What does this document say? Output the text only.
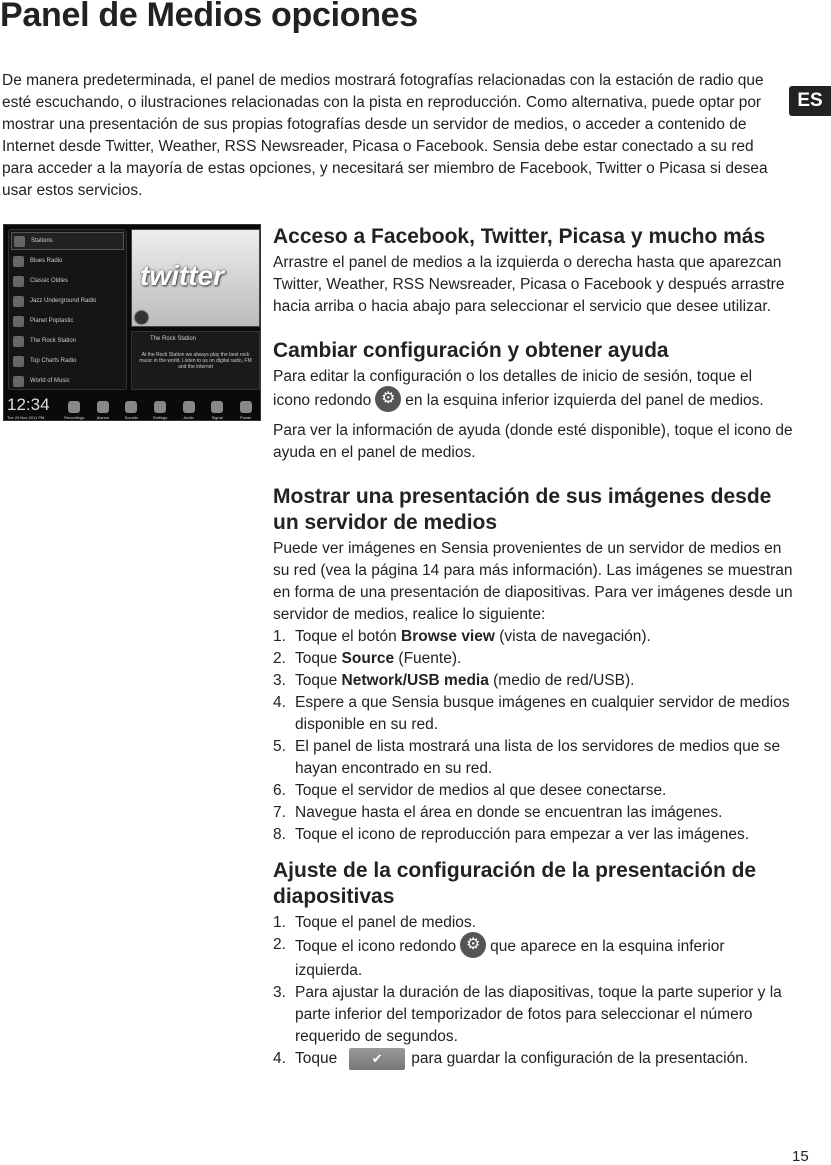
Panel de Medios opciones
De manera predeterminada, el panel de medios mostrará fotografías relacionadas con la estación de radio que esté escuchando, o ilustraciones relacionadas con la pista en reproducción. Como alternativa, puede optar por mostrar una presentación de sus propias fotografías desde un servidor de medios, o acceder a contenido de Internet desde Twitter, Weather, RSS Newsreader, Picasa o Facebook. Sensia debe estar conectado a su red para acceder a la mayoría de estas opciones, y necesitará ser miembro de Facebook, Twitter o Picasa si desea usar estos servicios.
ES
Stations
Blues Radio
Classic Oldies
Jazz Underground Radio
Planet Poptastic
The Rock Station
Top Charts Radio
World of Music
twitter
The Rock Station
At the Rock Station we always play the best rock music in the world. Listen to us on digital radio, FM and the internet
12:34
Tue 29 Nov 2011 PM	Recordings	Alarms	Sounds	Settings	Audio	Signal	Power
Acceso a Facebook, Twitter, Picasa y mucho más

Arrastre el panel de medios a la izquierda o derecha hasta que aparezcan Twitter, Weather, RSS Newsreader, Picasa o Facebook y después arrastre hacia arriba o hacia abajo para seleccionar el servicio que desee utilizar.

Cambiar configuración y obtener ayuda

Para editar la configuración o los detalles de inicio de sesión, toque el icono redondo ⚙ en la esquina inferior izquierda del panel de medios.

Para ver la información de ayuda (donde esté disponible), toque el icono de ayuda en el panel de medios.

Mostrar una presentación de sus imágenes desde un servidor de medios

Puede ver imágenes en Sensia provenientes de un servidor de medios en su red (vea la página 14 para más información). Las imágenes se muestran en forma de una presentación de diapositivas. Para ver imágenes desde un servidor de medios, realice lo siguiente:

1. Toque el botón Browse view (vista de navegación).
2. Toque Source (Fuente).
3. Toque Network/USB media (medio de red/USB).
4. Espere a que Sensia busque imágenes en cualquier servidor de medios disponible en su red.
5. El panel de lista mostrará una lista de los servidores de medios que se hayan encontrado en su red.
6. Toque el servidor de medios al que desee conectarse.
7. Navegue hasta el área en donde se encuentran las imágenes.
8. Toque el icono de reproducción para empezar a ver las imágenes.
Ajuste de la configuración de la presentación de diapositivas
1. Toque el panel de medios.
2. Toque el icono redondo ⚙ que aparece en la esquina inferior izquierda.
3. Para ajustar la duración de las diapositivas, toque la parte superior y la parte inferior del temporizador de fotos para seleccionar el número requerido de segundos.
4. Toque	✔ para guardar la configuración de la presentación.
15
